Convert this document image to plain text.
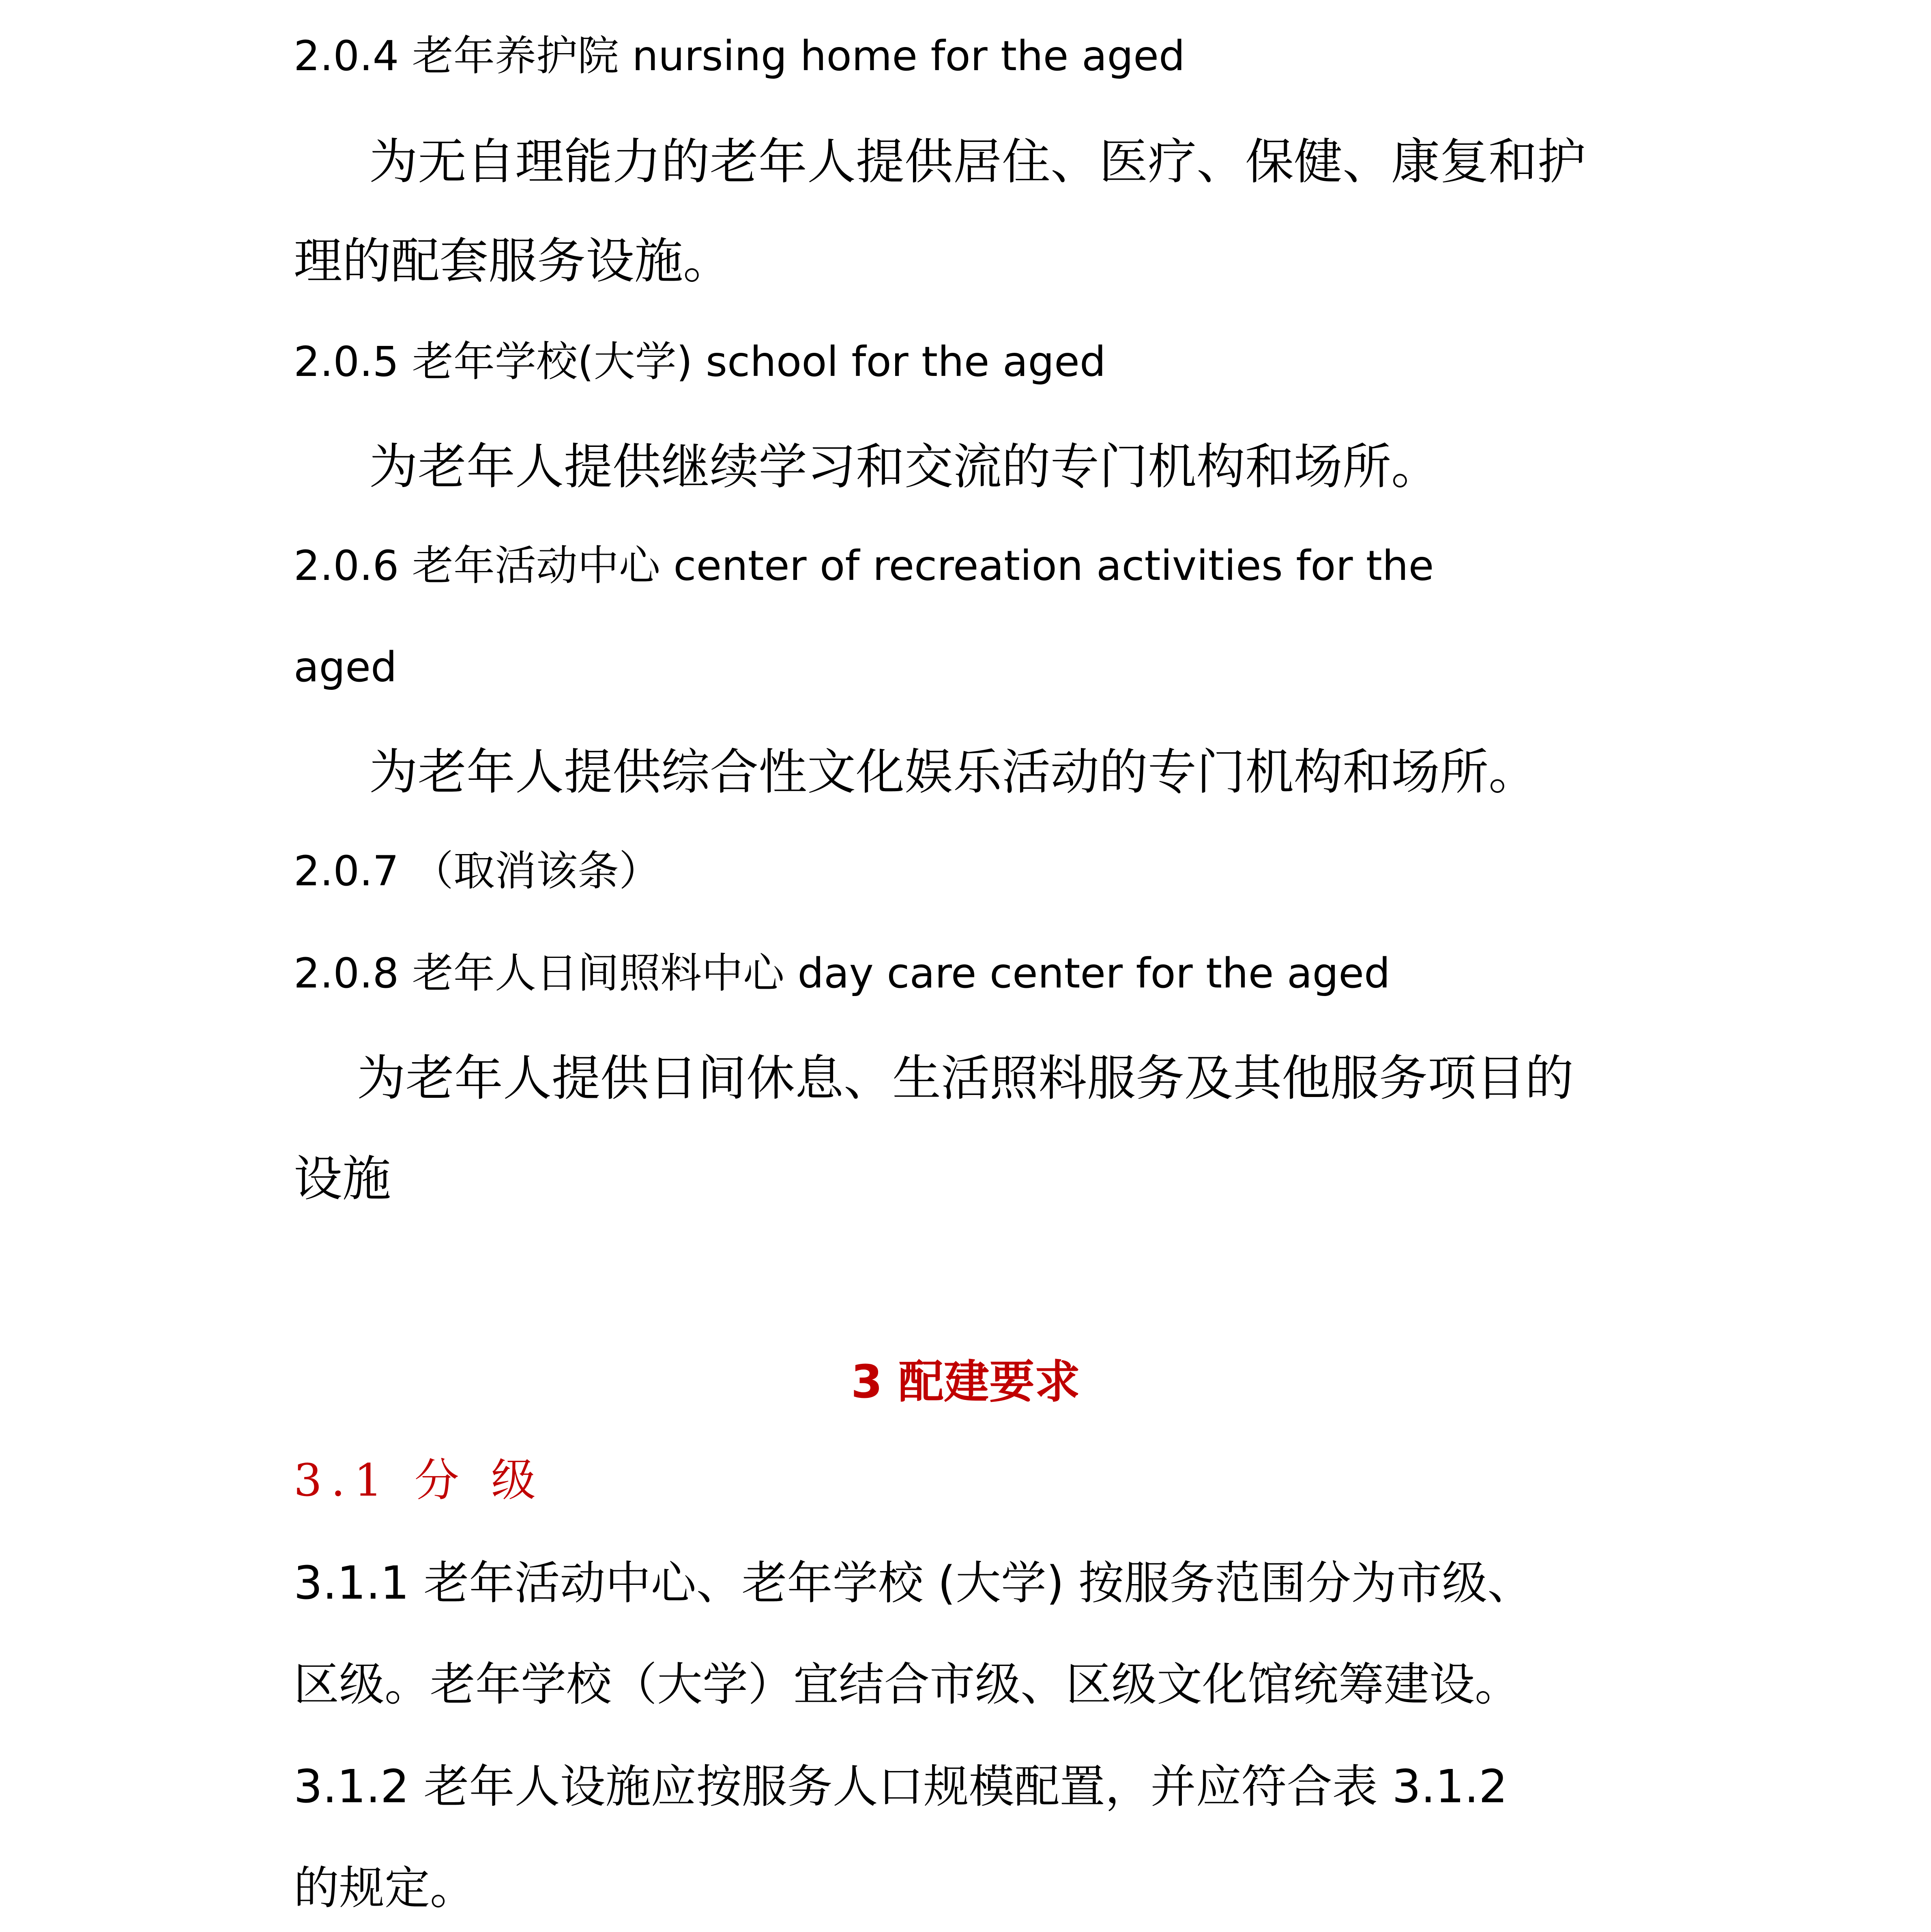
2.0.4 老年养护院 nursing home for the aged
为无自理能力的老年人提供居住、医疗、保健、康复和护
理的配套服务设施。
2.0.5 老年学校(大学) school for the aged
为老年人提供继续学习和交流的专门机构和场所。
2.0.6 老年活动中心 center of recreation activities for the
aged
为老年人提供综合性文化娱乐活动的专门机构和场所。
2.0.7 （取消该条）
2.0.8 老年人日间照料中心 day care center for the aged
为老年人提供日间休息、生活照料服务及其他服务项目的
设施
3 配建要求
3.1 分 级
3.1.1 老年活动中心、老年学校 (大学) 按服务范围分为市级、
区级。老年学校（大学）宜结合市级、区级文化馆统筹建设。
3.1.2 老年人设施应按服务人口规模配置，并应符合表 3.1.2
的规定。
